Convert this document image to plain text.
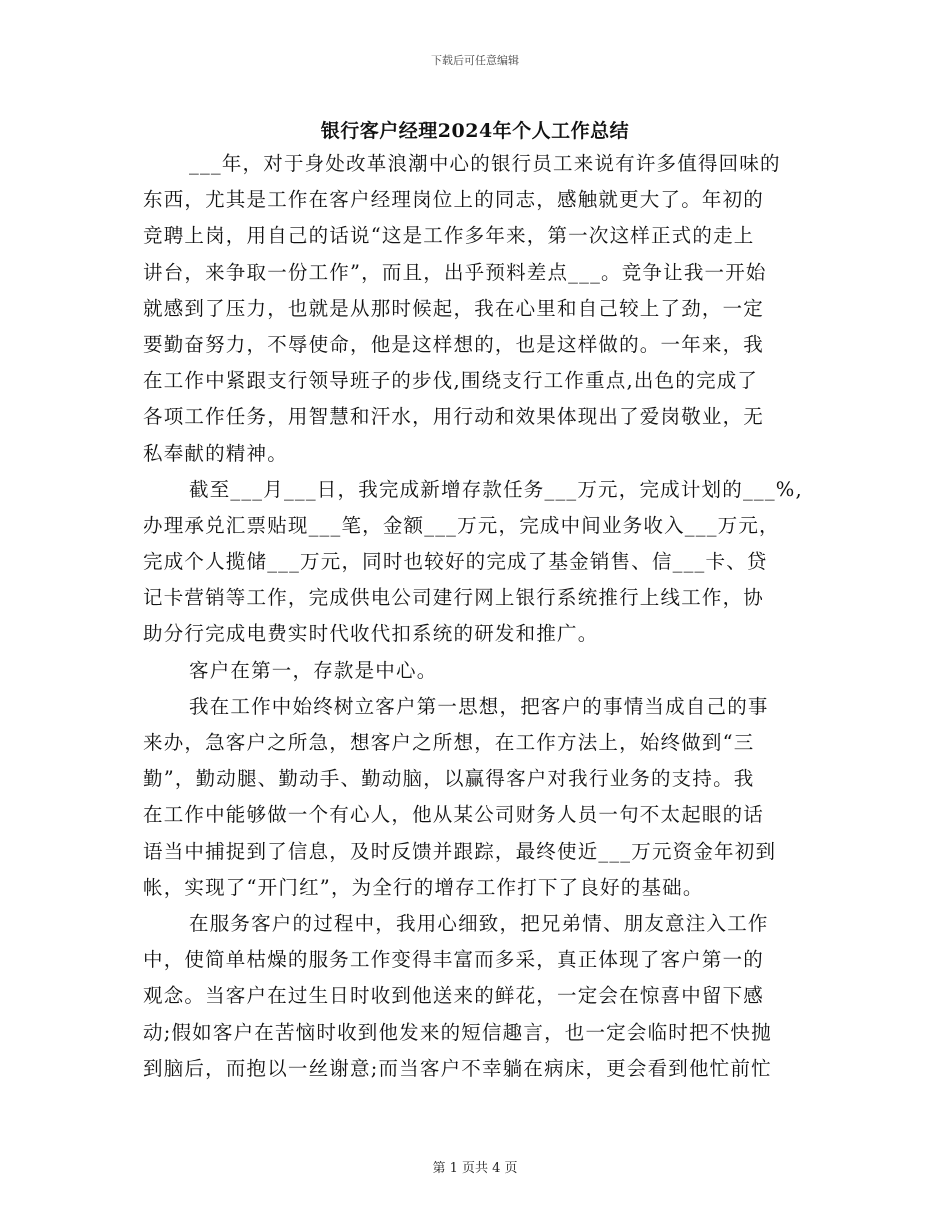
下载后可任意编辑
银行客户经理2024年个人工作总结
___年，对于身处改革浪潮中心的银行员工来说有许多值得回味的
东西，尤其是工作在客户经理岗位上的同志，感触就更大了。年初的
竞聘上岗，用自己的话说“这是工作多年来，第一次这样正式的走上
讲台，来争取一份工作”，而且，出乎预料差点___。竞争让我一开始
就感到了压力，也就是从那时候起，我在心里和自己较上了劲，一定
要勤奋努力，不辱使命，他是这样想的，也是这样做的。一年来，我
在工作中紧跟支行领导班子的步伐,围绕支行工作重点,出色的完成了
各项工作任务，用智慧和汗水，用行动和效果体现出了爱岗敬业，无
私奉献的精神。
截至___月___日，我完成新增存款任务___万元，完成计划的___%,
办理承兑汇票贴现___笔，金额___万元，完成中间业务收入___万元，
完成个人揽储___万元，同时也较好的完成了基金销售、信___卡、贷
记卡营销等工作，完成供电公司建行网上银行系统推行上线工作，协
助分行完成电费实时代收代扣系统的研发和推广。
客户在第一，存款是中心。
我在工作中始终树立客户第一思想，把客户的事情当成自己的事
来办，急客户之所急，想客户之所想，在工作方法上，始终做到“三
勤”，勤动腿、勤动手、勤动脑，以赢得客户对我行业务的支持。我
在工作中能够做一个有心人，他从某公司财务人员一句不太起眼的话
语当中捕捉到了信息，及时反馈并跟踪，最终使近___万元资金年初到
帐，实现了“开门红”，为全行的增存工作打下了良好的基础。
在服务客户的过程中，我用心细致，把兄弟情、朋友意注入工作
中，使简单枯燥的服务工作变得丰富而多采，真正体现了客户第一的
观念。当客户在过生日时收到他送来的鲜花，一定会在惊喜中留下感
动;假如客户在苦恼时收到他发来的短信趣言，也一定会临时把不快抛
到脑后，而抱以一丝谢意;而当客户不幸躺在病床，更会看到他忙前忙
第 1 页共 4 页
